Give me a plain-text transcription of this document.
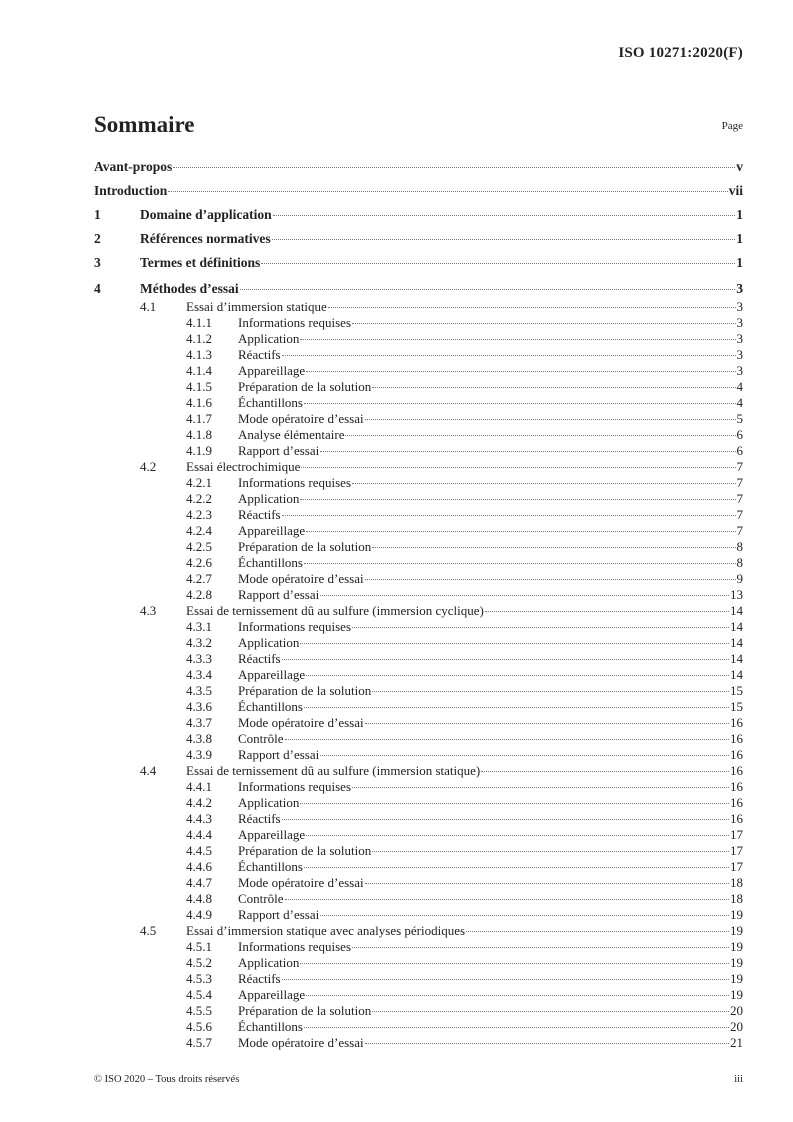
ISO 10271:2020(F)
Sommaire	Page
Avant-propos	v
Introduction	vii
1	Domaine d’application	1
2	Références normatives	1
3	Termes et définitions	1
4	Méthodes d’essai	3
4.1	Essai d’immersion statique	3
4.1.1	Informations requises	3
4.1.2	Application	3
4.1.3	Réactifs	3
4.1.4	Appareillage	3
4.1.5	Préparation de la solution	4
4.1.6	Échantillons	4
4.1.7	Mode opératoire d’essai	5
4.1.8	Analyse élémentaire	6
4.1.9	Rapport d’essai	6
4.2	Essai électrochimique	7
4.2.1	Informations requises	7
4.2.2	Application	7
4.2.3	Réactifs	7
4.2.4	Appareillage	7
4.2.5	Préparation de la solution	8
4.2.6	Échantillons	8
4.2.7	Mode opératoire d’essai	9
4.2.8	Rapport d’essai	13
4.3	Essai de ternissement dû au sulfure (immersion cyclique)	14
4.3.1	Informations requises	14
4.3.2	Application	14
4.3.3	Réactifs	14
4.3.4	Appareillage	14
4.3.5	Préparation de la solution	15
4.3.6	Échantillons	15
4.3.7	Mode opératoire d’essai	16
4.3.8	Contrôle	16
4.3.9	Rapport d’essai	16
4.4	Essai de ternissement dû au sulfure (immersion statique)	16
4.4.1	Informations requises	16
4.4.2	Application	16
4.4.3	Réactifs	16
4.4.4	Appareillage	17
4.4.5	Préparation de la solution	17
4.4.6	Échantillons	17
4.4.7	Mode opératoire d’essai	18
4.4.8	Contrôle	18
4.4.9	Rapport d’essai	19
4.5	Essai d’immersion statique avec analyses périodiques	19
4.5.1	Informations requises	19
4.5.2	Application	19
4.5.3	Réactifs	19
4.5.4	Appareillage	19
4.5.5	Préparation de la solution	20
4.5.6	Échantillons	20
4.5.7	Mode opératoire d’essai	21
© ISO 2020 – Tous droits réservés	iii
